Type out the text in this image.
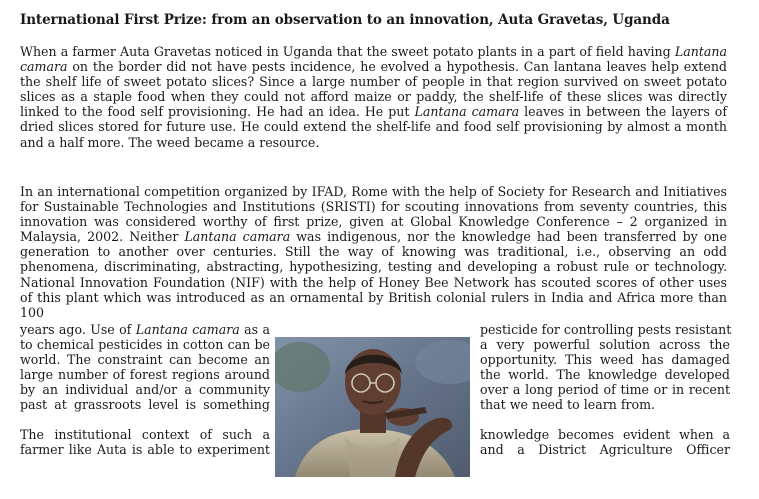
International First Prize: from an observation to an innovation, Auta Gravetas, Uganda

When a farmer Auta Gravetas noticed in Uganda that the sweet potato plants in a part of field having Lantana camara on the border did not have pests incidence, he evolved a hypothesis. Can lantana leaves help extend the shelf life of sweet potato slices? Since a large number of people in that region survived on sweet potato slices as a staple food when they could not afford maize or paddy, the shelf-life of these slices was directly linked to the food self provisioning. He had an idea. He put Lantana camara leaves in between the layers of dried slices stored for future use. He could extend the shelf-life and food self provisioning by almost a month and a half more. The weed became a resource.

In an international competition organized by IFAD, Rome with the help of Society for Research and Initiatives for Sustainable Technologies and Institutions (SRISTI) for scouting innovations from seventy countries, this innovation was considered worthy of first prize, given at Global Knowledge Conference – 2 organized in Malaysia, 2002. Neither Lantana camara was indigenous, nor the knowledge had been transferred by one generation to another over centuries. Still the way of knowing was traditional, i.e., observing an odd phenomena, discriminating, abstracting, hypothesizing, testing and developing a robust rule or technology. National Innovation Foundation (NIF) with the help of Honey Bee Network has scouted scores of other uses of this plant which was introduced as an ornamental by British colonial rulers in India and Africa more than 100

years ago. Use of Lantana camara as a
to chemical pesticides in cotton can be
world. The constraint can become an
large number of forest regions around
by an individual and/or a community
past at grassroots level is something
The institutional context of such a
farmer like Auta is able to experiment
pesticide for controlling pests resistant
a very powerful solution across the
opportunity. This weed has damaged
the world. The knowledge developed
over a long period of time or in recent
that we need to learn from.
knowledge becomes evident when a
and a District Agriculture Officer
